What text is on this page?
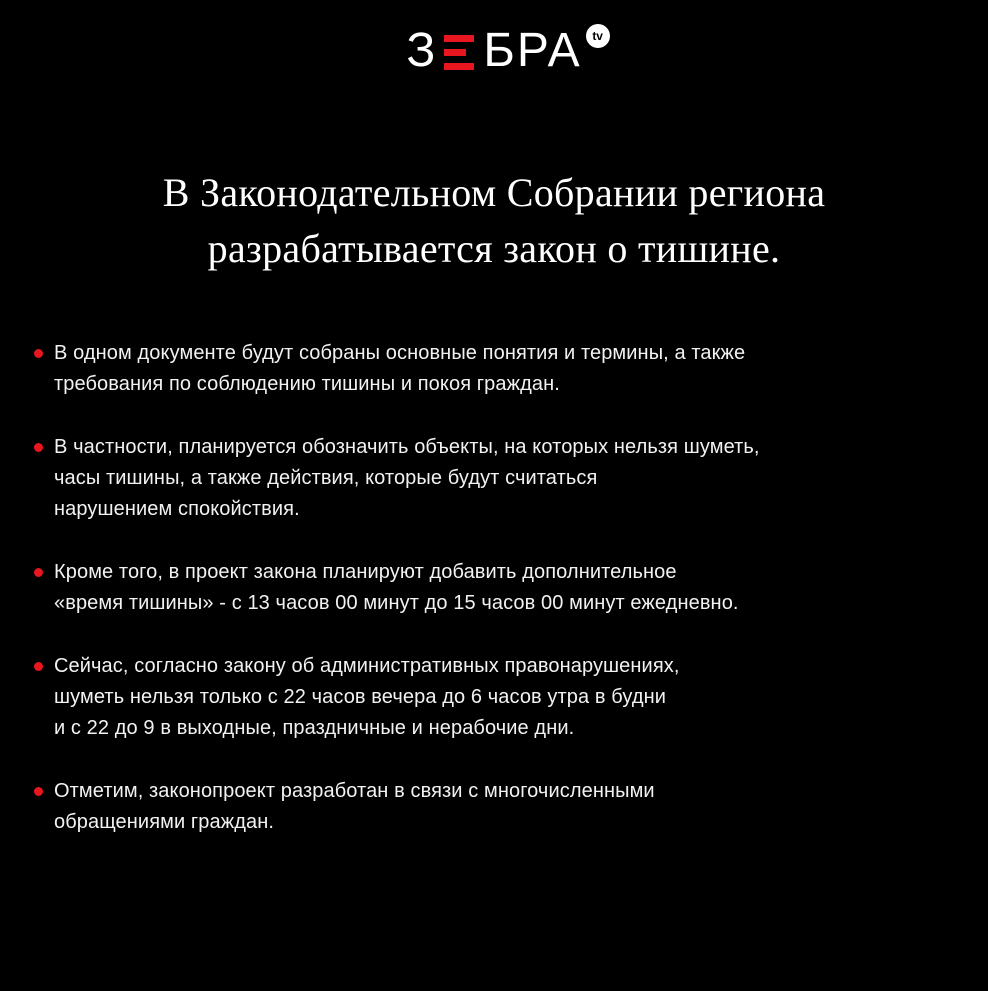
З БРА tv
В Законодательном Собрании региона
разрабатывается закон о тишине.
В одном документе будут собраны основные понятия и термины, а также
требования по соблюдению тишины и покоя граждан.
В частности, планируется обозначить объекты, на которых нельзя шуметь,
часы тишины, а также действия, которые будут считаться
нарушением спокойствия.
Кроме того, в проект закона планируют добавить дополнительное
«время тишины» - с 13 часов 00 минут до 15 часов 00 минут ежедневно.
Сейчас, согласно закону об административных правонарушениях,
шуметь нельзя только с 22 часов вечера до 6 часов утра в будни
и с 22 до 9 в выходные, праздничные и нерабочие дни.
Отметим, законопроект разработан в связи с многочисленными
обращениями граждан.
